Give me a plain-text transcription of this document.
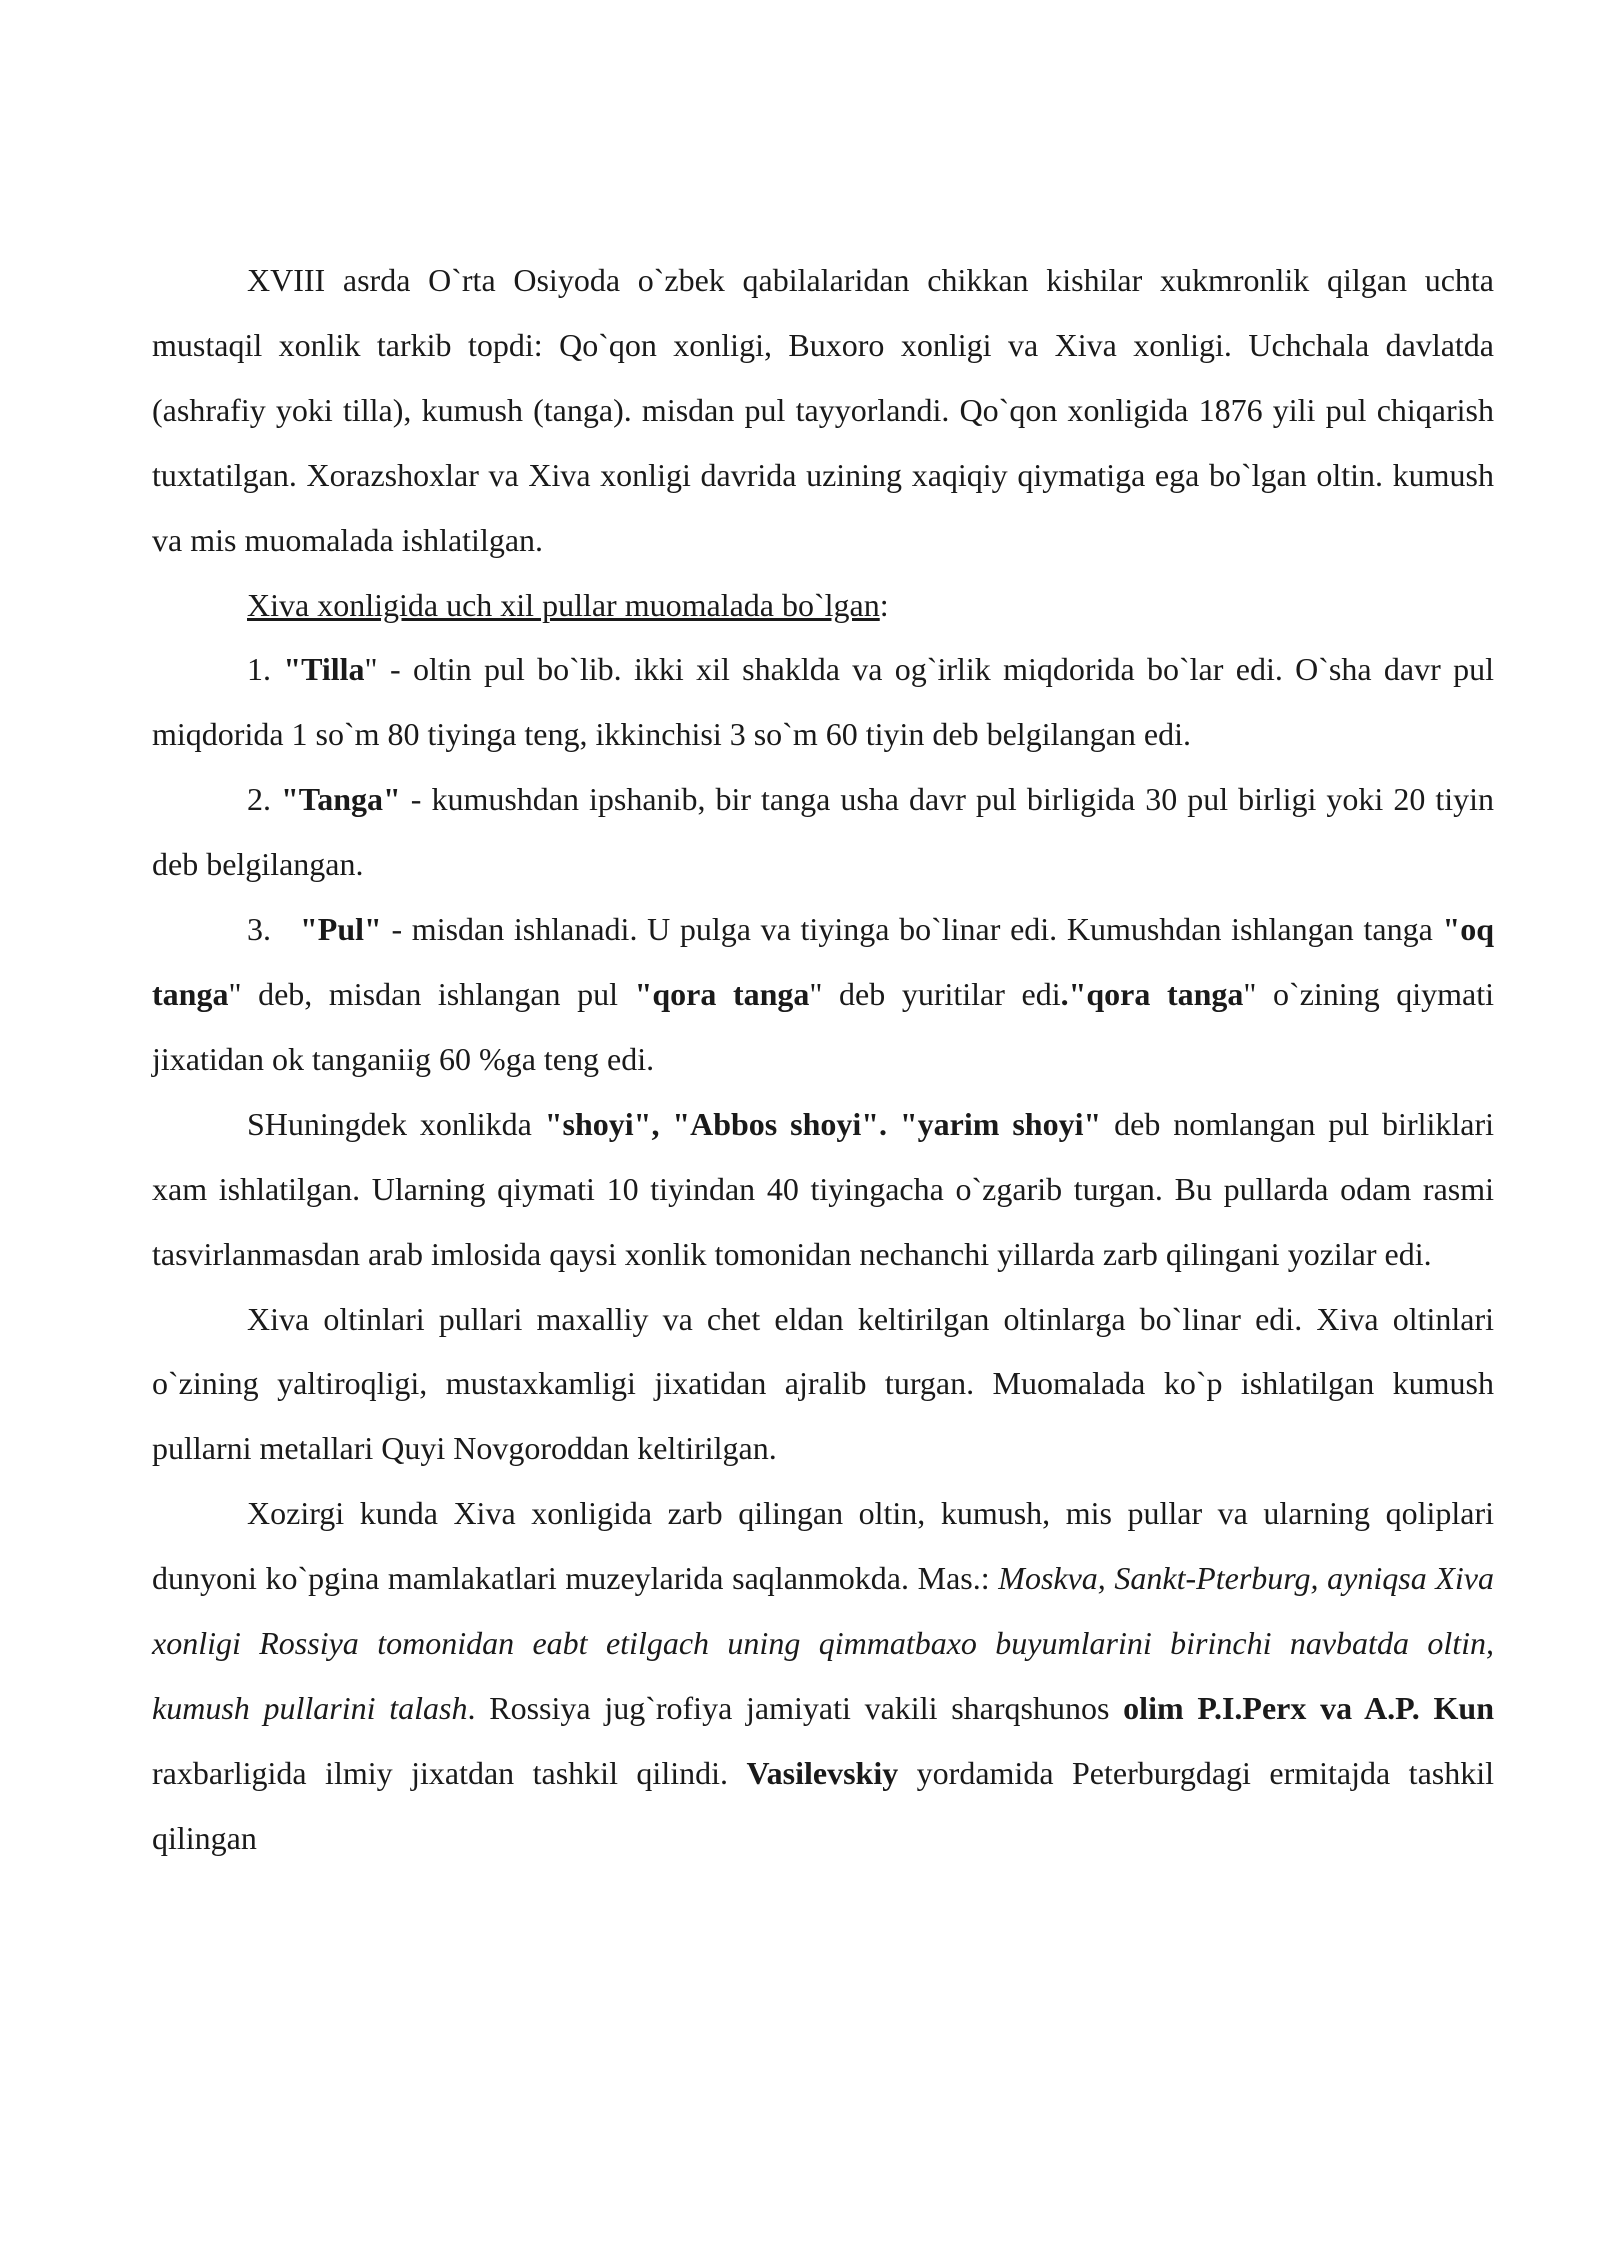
XVIII asrda O`rta Osiyoda o`zbek qabilalaridan chikkan kishilar xukmronlik qilgan uchta mustaqil xonlik tarkib topdi: Qo`qon xonligi, Buxoro xonligi va Xiva xonligi. Uchchala davlatda (ashrafiy yoki tilla), kumush (tanga). misdan pul tayyorlandi. Qo`qon xonligida 1876 yili pul chiqarish tuxtatilgan. Xorazshoxlar va Xiva xonligi davrida uzining xaqiqiy qiymatiga ega bo`lgan oltin. kumush va mis muomalada ishlatilgan.

Xiva xonligida uch xil pullar muomalada bo`lgan:

1. "Tilla" - oltin pul bo`lib. ikki xil shaklda va og`irlik miqdorida bo`lar edi. O`sha davr pul miqdorida 1 so`m 80 tiyinga teng, ikkinchisi 3 so`m 60 tiyin deb belgilangan edi.

2. "Tanga" - kumushdan ipshanib, bir tanga usha davr pul birligida 30 pul birligi yoki 20 tiyin deb belgilangan.

3.   "Pul" - misdan ishlanadi. U pulga va tiyinga bo`linar edi. Kumushdan ishlangan tanga "oq tanga" deb, misdan ishlangan pul "qora tanga" deb yuritilar edi."qora tanga" o`zining qiymati jixatidan ok tanganiig 60 %ga teng edi.

SHuningdek xonlikda "shoyi", "Abbos shoyi". "yarim shoyi" deb nomlangan pul birliklari xam ishlatilgan. Ularning qiymati 10 tiyindan 40 tiyingacha o`zgarib turgan. Bu pullarda odam rasmi tasvirlanmasdan arab imlosida qaysi xonlik tomonidan nechanchi yillarda zarb qilingani yozilar edi.

Xiva oltinlari pullari maxalliy va chet eldan keltirilgan oltinlarga bo`linar edi. Xiva oltinlari o`zining yaltiroqligi, mustaxkamligi jixatidan ajralib turgan. Muomalada ko`p ishlatilgan kumush pullarni metallari Quyi Novgoroddan keltirilgan.

Xozirgi kunda Xiva xonligida zarb qilingan oltin, kumush, mis pullar va ularning qoliplari dunyoni ko`pgina mamlakatlari muzeylarida saqlanmokda. Mas.: Moskva, Sankt-Pterburg, ayniqsa Xiva xonligi Rossiya tomonidan eabt etilgach uning qimmatbaxo buyumlarini birinchi navbatda oltin, kumush pullarini talash. Rossiya jug`rofiya jamiyati vakili sharqshunos olim P.I.Perx va A.P. Kun raxbarligida ilmiy jixatdan tashkil qilindi. Vasilevskiy yordamida Peterburgdagi ermitajda tashkil qilingan
